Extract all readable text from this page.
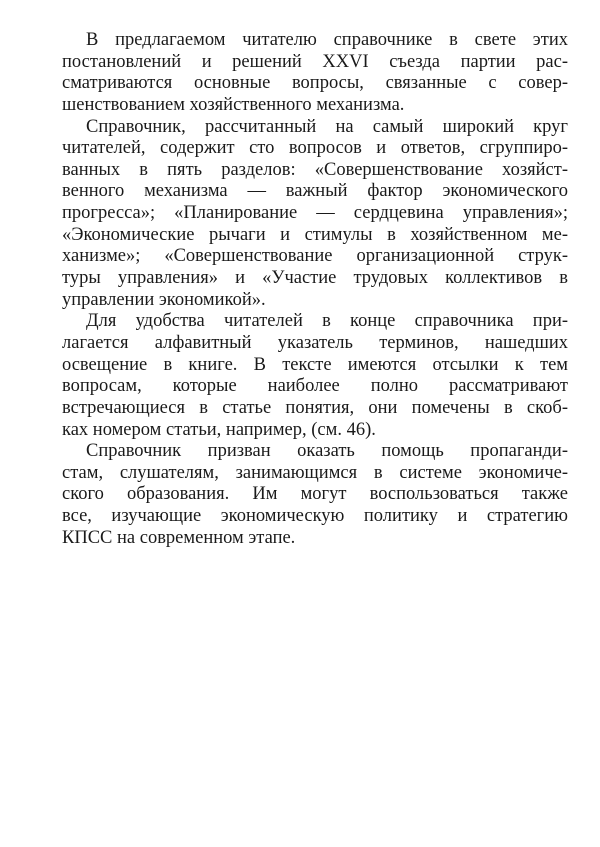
В предлагаемом читателю справочнике в свете этих
постановлений и решений XXVI съезда партии рас-
сматриваются основные вопросы, связанные с совер-
шенствованием хозяйственного механизма.
Справочник, рассчитанный на самый широкий круг
читателей, содержит сто вопросов и ответов, сгруппиро-
ванных в пять разделов: «Совершенствование хозяйст-
венного механизма — важный фактор экономического
прогресса»; «Планирование — сердцевина управления»;
«Экономические рычаги и стимулы в хозяйственном ме-
ханизме»; «Совершенствование организационной струк-
туры управления» и «Участие трудовых коллективов в
управлении экономикой».
Для удобства читателей в конце справочника при-
лагается алфавитный указатель терминов, нашедших
освещение в книге. В тексте имеются отсылки к тем
вопросам, которые наиболее полно рассматривают
встречающиеся в статье понятия, они помечены в скоб-
ках номером статьи, например, (см. 46).
Справочник призван оказать помощь пропаганди-
стам, слушателям, занимающимся в системе экономиче-
ского образования. Им могут воспользоваться также
все, изучающие экономическую политику и стратегию
КПСС на современном этапе.
